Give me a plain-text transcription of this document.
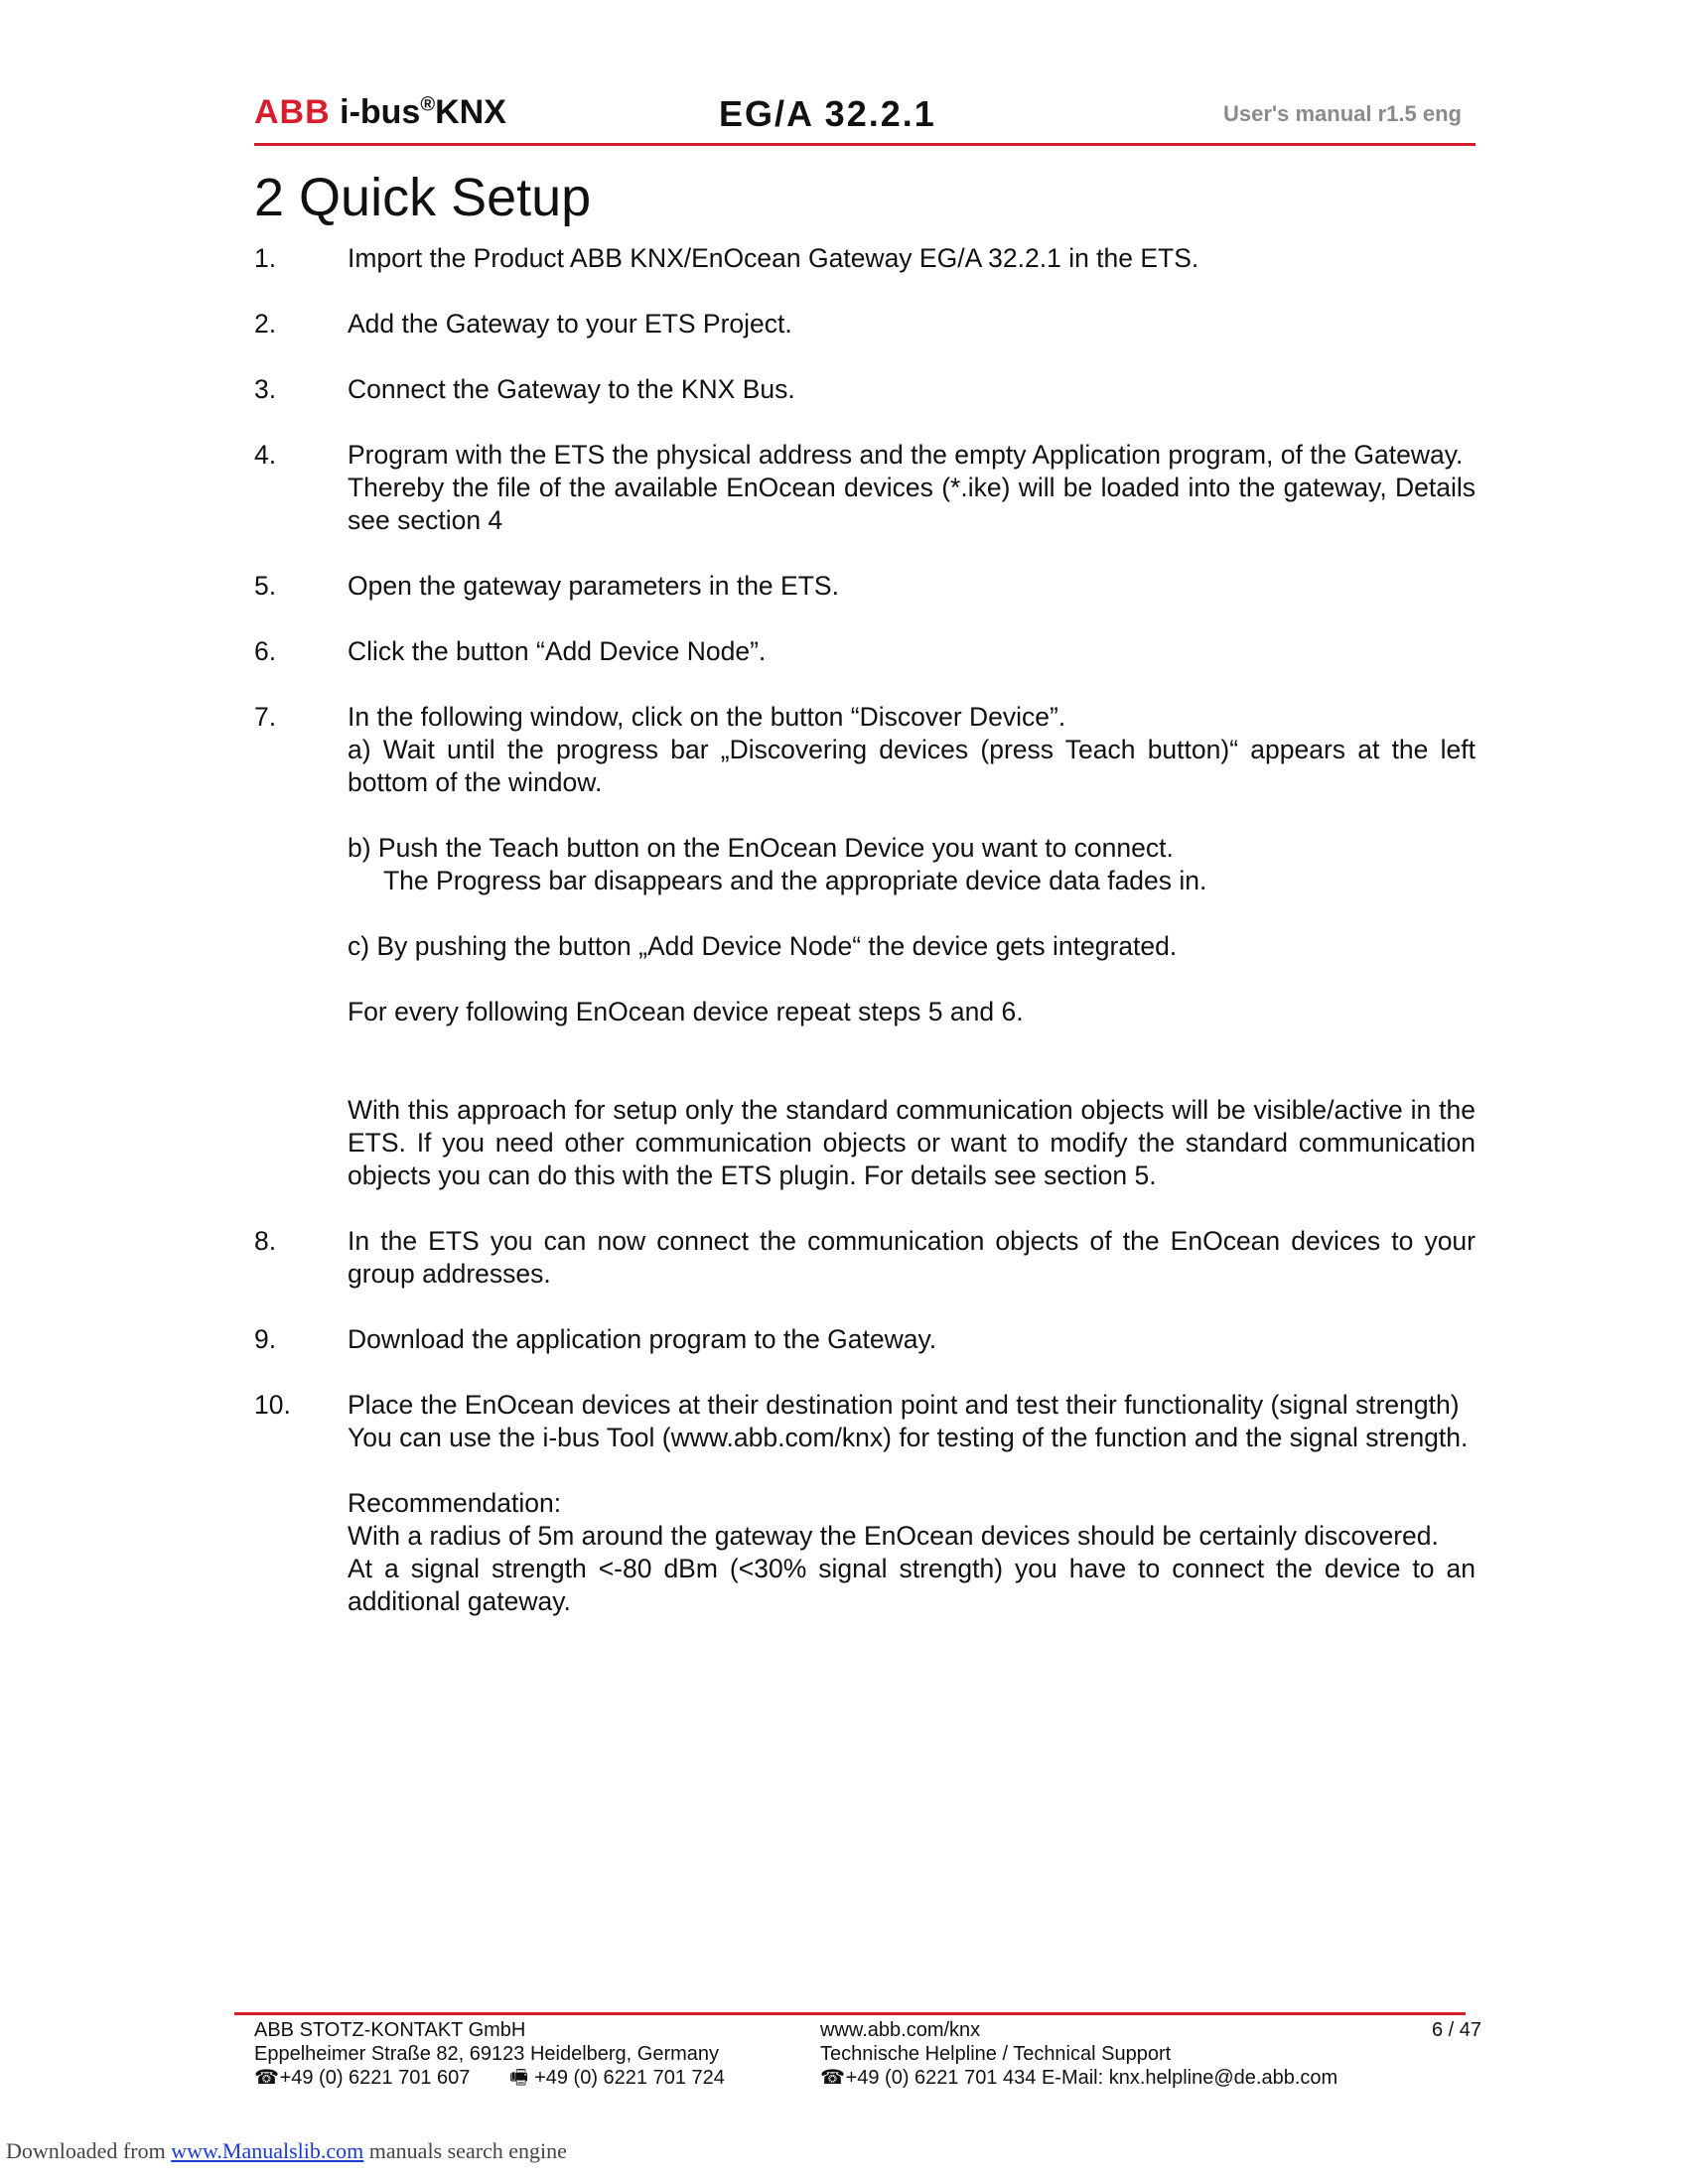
ABB i-bus®KNX	EG/A 32.2.1	User's manual r1.5 eng
2 Quick Setup
1.	Import the Product ABB KNX/EnOcean Gateway EG/A 32.2.1 in the ETS.

2.	Add the Gateway to your ETS Project.

3.	Connect the Gateway to the KNX Bus.

4.	Program with the ETS the physical address and the empty Application program, of the Gateway.

Thereby the file of the available EnOcean devices (*.ike) will be loaded into the gateway, Details see section 4

5.	Open the gateway parameters in the ETS.

6.	Click the button “Add Device Node”.

7.	In the following window, click on the button “Discover Device”.

a) Wait until the progress bar „Discovering devices (press Teach button)“ appears at the left bottom of the window.

b) Push the Teach button on the EnOcean Device you want to connect.

The Progress bar disappears and the appropriate device data fades in.

c) By pushing the button „Add Device Node“ the device gets integrated.

For every following EnOcean device repeat steps 5 and 6.

With this approach for setup only the standard communication objects will be visible/active in the ETS. If you need other communication objects or want to modify the standard communication objects you can do this with the ETS plugin. For details see section 5.

8.	In the ETS you can now connect the communication objects of the EnOcean devices to your group addresses.

9.	Download the application program to the Gateway.

10.	Place the EnOcean devices at their destination point and test their functionality (signal strength)

You can use the i-bus Tool (www.abb.com/knx) for testing of the function and the signal strength.

Recommendation:

With a radius of 5m around the gateway the EnOcean devices should be certainly discovered.

At a signal strength <-80 dBm (<30% signal strength) you have to connect the device to an additional gateway.

ABB STOTZ-KONTAKT GmbH
Eppelheimer Straße 82, 69123 Heidelberg, Germany
☎ +49 (0) 6221 701 607 🖷 +49 (0) 6221 701 724
www.abb.com/knx
Technische Helpline / Technical Support
☎ +49 (0) 6221 701 434 E-Mail: knx.helpline@de.abb.com
6 / 47
Downloaded from www.Manualslib.com manuals search engine
